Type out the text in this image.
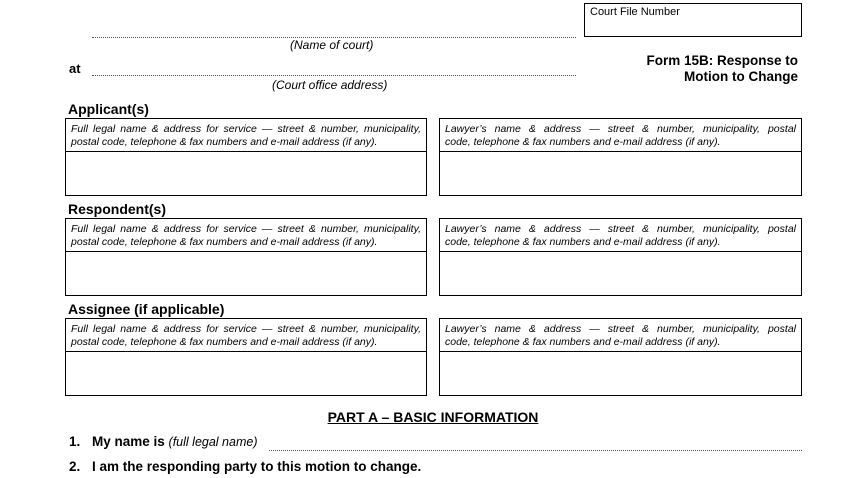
Court File Number
(Name of court)
at
(Court office address)
Form 15B: Response to
Motion to Change
Applicant(s)
Full legal name & address for service — street & number, municipality,
postal code, telephone & fax numbers and e-mail address (if any).
Lawyer’s name & address — street & number, municipality, postal
code, telephone & fax numbers and e-mail address (if any).
Respondent(s)
Full legal name & address for service — street & number, municipality,
postal code, telephone & fax numbers and e-mail address (if any).
Lawyer’s name & address — street & number, municipality, postal
code, telephone & fax numbers and e-mail address (if any).
Assignee (if applicable)
Full legal name & address for service — street & number, municipality,
postal code, telephone & fax numbers and e-mail address (if any).
Lawyer’s name & address — street & number, municipality, postal
code, telephone & fax numbers and e-mail address (if any).
PART A – BASIC INFORMATION
1. My name is (full legal name)
2. I am the responding party to this motion to change.
